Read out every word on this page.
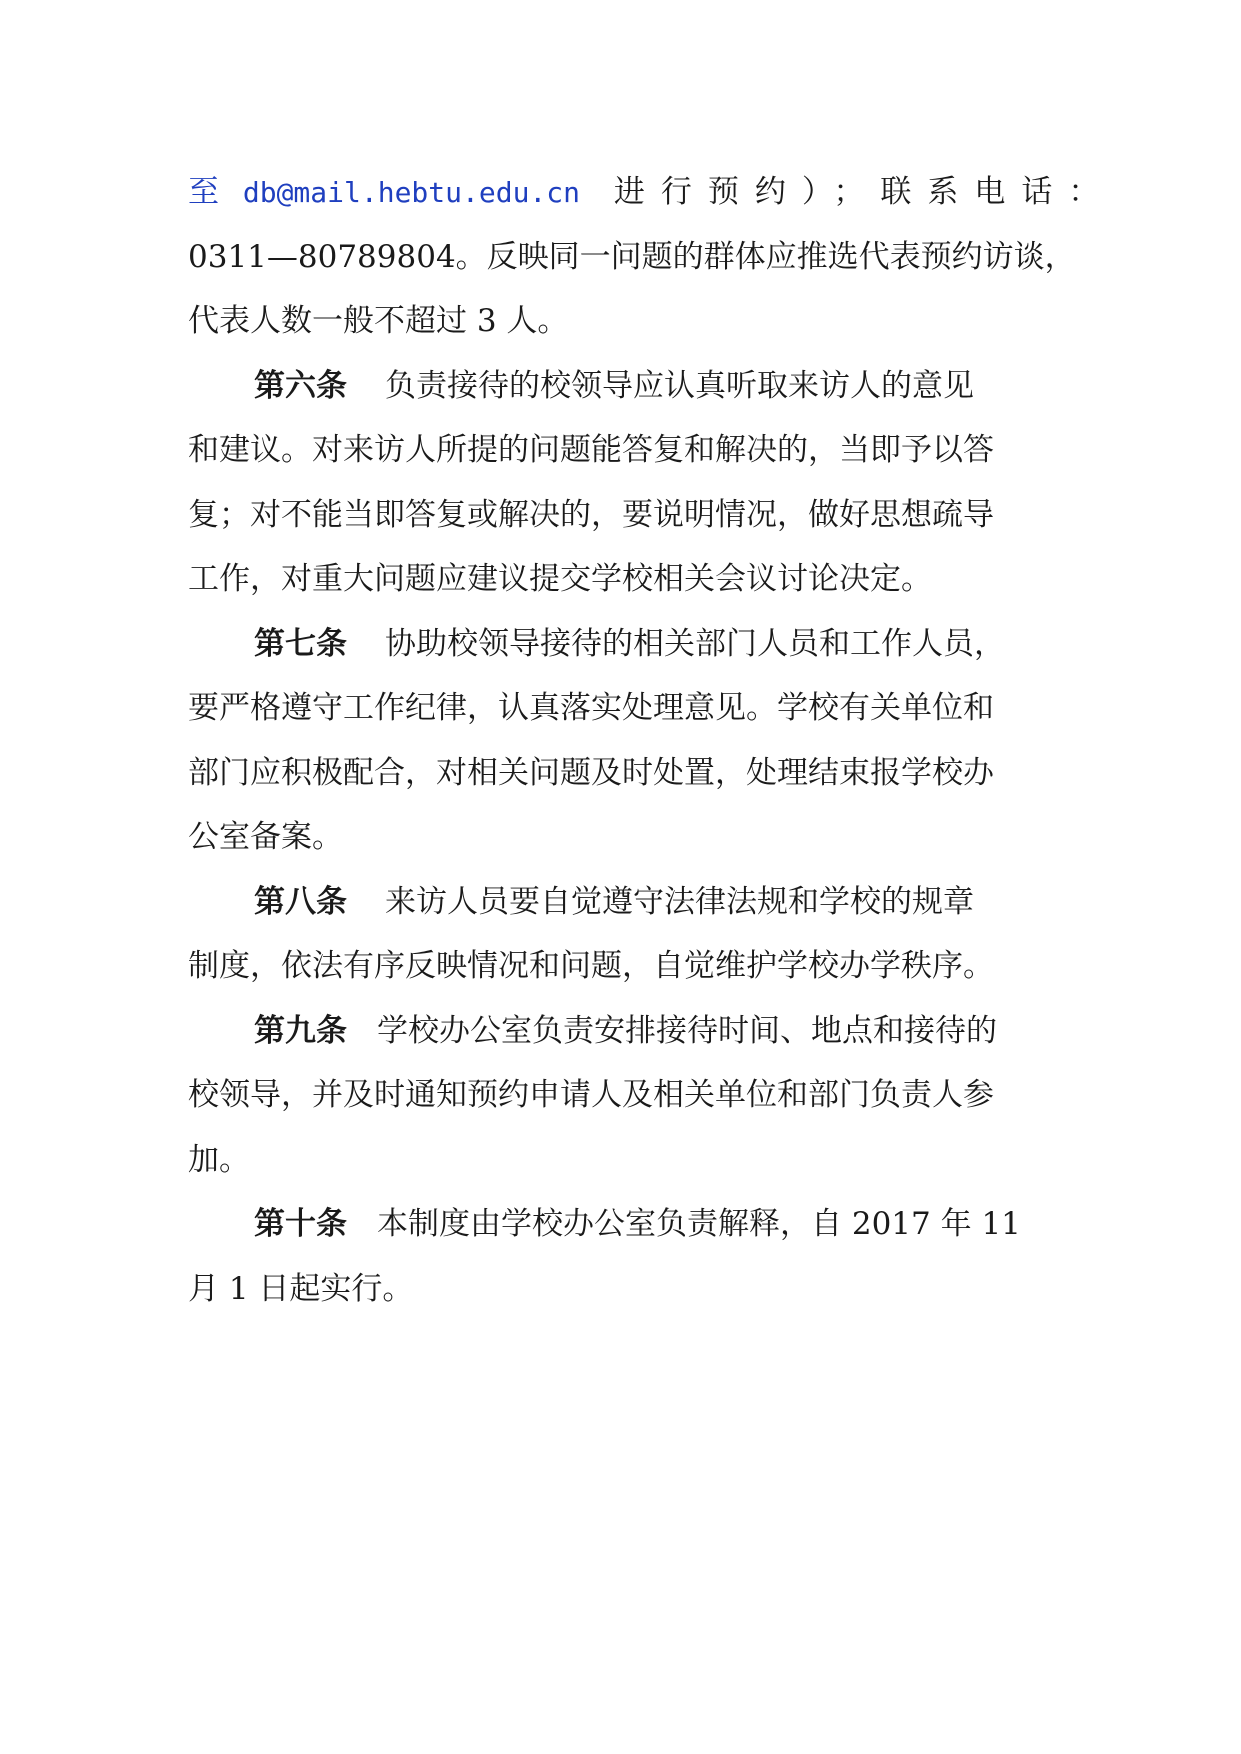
至 db@mail.hebtu.edu.cn 进行预约）；联系电话：
0311—80789804。反映同一问题的群体应推选代表预约访谈，
代表人数一般不超过 3 人。
第六条 负责接待的校领导应认真听取来访人的意见
和建议。对来访人所提的问题能答复和解决的，当即予以答
复；对不能当即答复或解决的，要说明情况，做好思想疏导
工作，对重大问题应建议提交学校相关会议讨论决定。
第七条 协助校领导接待的相关部门人员和工作人员，
要严格遵守工作纪律，认真落实处理意见。学校有关单位和
部门应积极配合，对相关问题及时处置，处理结束报学校办
公室备案。
第八条 来访人员要自觉遵守法律法规和学校的规章
制度，依法有序反映情况和问题，自觉维护学校办学秩序。
第九条 学校办公室负责安排接待时间、地点和接待的
校领导，并及时通知预约申请人及相关单位和部门负责人参
加。
第十条 本制度由学校办公室负责解释，自 2017 年 11
月 1 日起实行。
